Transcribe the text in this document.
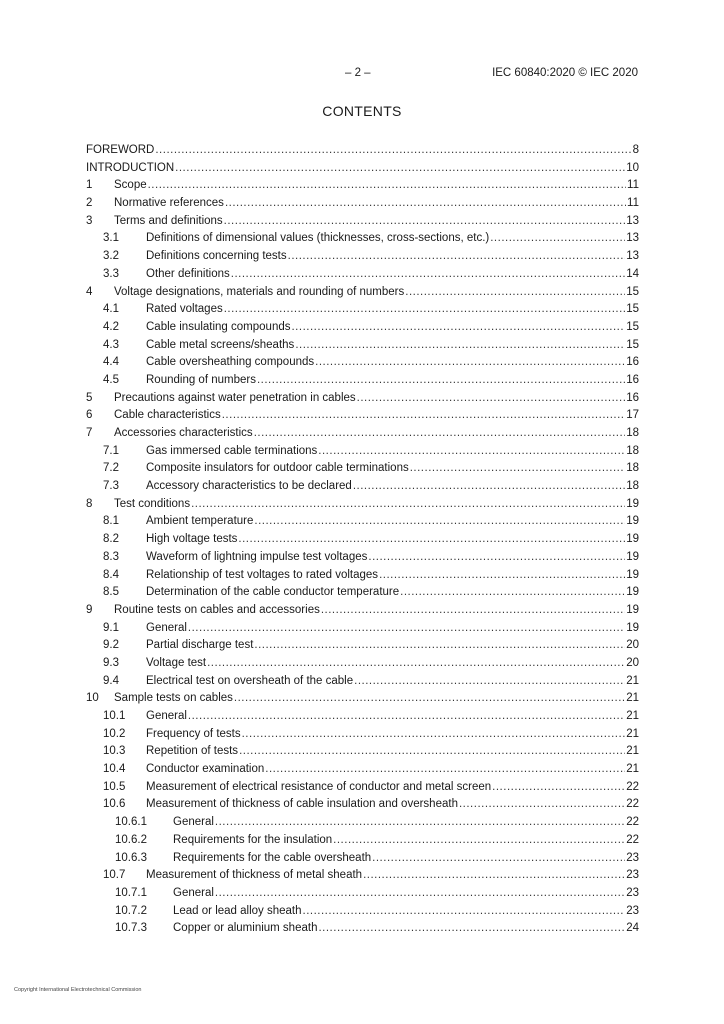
– 2 –	IEC 60840:2020 © IEC 2020
CONTENTS
FOREWORD .....	8
INTRODUCTION .....	10
1	Scope .....	11
2	Normative references .....	11
3	Terms and definitions .....	13
3.1	Definitions of dimensional values (thicknesses, cross-sections, etc.) .....	13
3.2	Definitions concerning tests .....	13
3.3	Other definitions .....	14
4	Voltage designations, materials and rounding of numbers .....	15
4.1	Rated voltages .....	15
4.2	Cable insulating compounds .....	15
4.3	Cable metal screens/sheaths .....	15
4.4	Cable oversheathing compounds .....	16
4.5	Rounding of numbers .....	16
5	Precautions against water penetration in cables .....	16
6	Cable characteristics .....	17
7	Accessories characteristics .....	18
7.1	Gas immersed cable terminations .....	18
7.2	Composite insulators for outdoor cable terminations .....	18
7.3	Accessory characteristics to be declared .....	18
8	Test conditions .....	19
8.1	Ambient temperature .....	19
8.2	High voltage tests .....	19
8.3	Waveform of lightning impulse test voltages .....	19
8.4	Relationship of test voltages to rated voltages .....	19
8.5	Determination of the cable conductor temperature .....	19
9	Routine tests on cables and accessories .....	19
9.1	General .....	19
9.2	Partial discharge test .....	20
9.3	Voltage test .....	20
9.4	Electrical test on oversheath of the cable .....	21
10	Sample tests on cables .....	21
10.1	General .....	21
10.2	Frequency of tests .....	21
10.3	Repetition of tests .....	21
10.4	Conductor examination .....	21
10.5	Measurement of electrical resistance of conductor and metal screen .....	22
10.6	Measurement of thickness of cable insulation and oversheath .....	22
10.6.1	General .....	22
10.6.2	Requirements for the insulation .....	22
10.6.3	Requirements for the cable oversheath .....	23
10.7	Measurement of thickness of metal sheath .....	23
10.7.1	General .....	23
10.7.2	Lead or lead alloy sheath .....	23
10.7.3	Copper or aluminium sheath .....	24
Copyright International Electrotechnical Commission
